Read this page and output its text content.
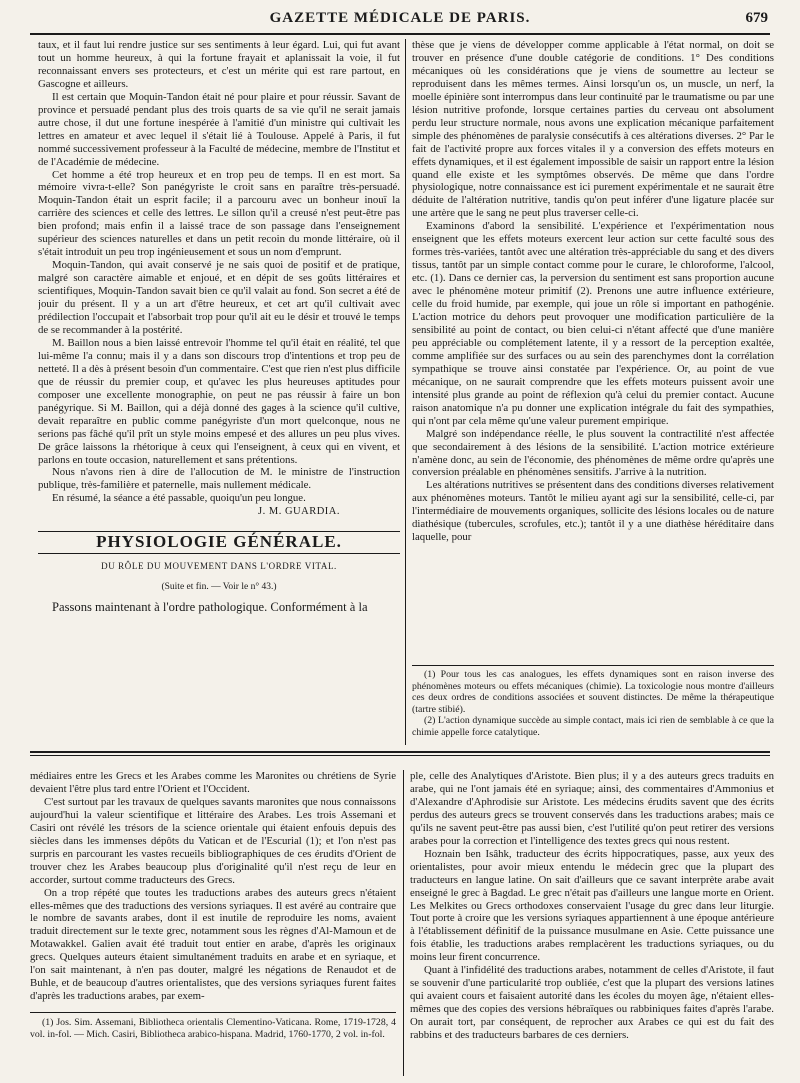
GAZETTE MÉDICALE DE PARIS.	679

taux, et il faut lui rendre justice sur ses sentiments à leur égard. Lui, qui fut avant tout un homme heureux, à qui la fortune frayait et aplanissait la voie, il fut reconnaissant envers ses protecteurs, et c'est un mérite qui est rare partout, en Gascogne et ailleurs.

Il est certain que Moquin-Tandon était né pour plaire et pour réussir. Savant de province et persuadé pendant plus des trois quarts de sa vie qu'il ne serait jamais autre chose, il dut une fortune inespérée à l'amitié d'un ministre qui cultivait les lettres en amateur et avec lequel il s'était lié à Toulouse. Appelé à Paris, il fut nommé successivement professeur à la Faculté de médecine, membre de l'Institut et de l'Académie de médecine.

Cet homme a été trop heureux et en trop peu de temps. Il en est mort. Sa mémoire vivra-t-elle? Son panégyriste le croit sans en paraître très-persuadé. Moquin-Tandon était un esprit facile; il a parcouru avec un bonheur inouï la carrière des sciences et celle des lettres. Le sillon qu'il a creusé n'est peut-être pas bien profond; mais enfin il a laissé trace de son passage dans l'enseignement supérieur des sciences naturelles et dans un petit recoin du monde littéraire, où il s'était introduit un peu trop ingénieusement et sous un nom d'emprunt.

Moquin-Tandon, qui avait conservé je ne sais quoi de positif et de pratique, malgré son caractère aimable et enjoué, et en dépit de ses goûts littéraires et scientifiques, Moquin-Tandon savait bien ce qu'il valait au fond. Son secret a été de jouir du présent. Il y a un art d'être heureux, et cet art qu'il cultivait avec prédilection l'occupait et l'absorbait trop pour qu'il ait eu le désir et trouvé le temps de se recommander à la postérité.

M. Baillon nous a bien laissé entrevoir l'homme tel qu'il était en réalité, tel que lui-même l'a connu; mais il y a dans son discours trop d'intentions et trop peu de netteté. Il a dès à présent besoin d'un commentaire. C'est que rien n'est plus difficile que de réussir du premier coup, et qu'avec les plus heureuses aptitudes pour composer une excellente monographie, on peut ne pas réussir à faire un bon panégyrique. Si M. Baillon, qui a déjà donné des gages à la science qu'il cultive, devait reparaître en public comme panégyriste d'un mort quelconque, nous ne serions pas fâché qu'il prît un style moins empesé et des allures un peu plus vives. De grâce laissons la rhétorique à ceux qui l'enseignent, à ceux qui en vivent, et parlons en toute occasion, naturellement et sans prétentions.

Nous n'avons rien à dire de l'allocution de M. le ministre de l'instruction publique, très-familière et paternelle, mais nullement médicale.

En résumé, la séance a été passable, quoiqu'un peu longue.

J. M. GUARDIA.
PHYSIOLOGIE GÉNÉRALE.
DU RÔLE DU MOUVEMENT DANS L'ORDRE VITAL.
(Suite et fin. — Voir le n° 43.)

Passons maintenant à l'ordre pathologique. Conformément à la

thèse que je viens de développer comme applicable à l'état normal, on doit se trouver en présence d'une double catégorie de conditions. 1° Des conditions mécaniques où les considérations que je viens de soumettre au lecteur se reproduisent dans les mêmes termes. Ainsi lorsqu'un os, un muscle, un nerf, la moelle épinière sont interrompus dans leur continuité par le traumatisme ou par une lésion nutritive profonde, lorsque certaines parties du cerveau ont absolument perdu leur structure normale, nous avons une explication mécanique parfaitement simple des phénomènes de paralysie consécutifs à ces altérations diverses. 2° Par le fait de l'activité propre aux forces vitales il y a conversion des effets moteurs en effets dynamiques, et il est également impossible de saisir un rapport entre la lésion quand elle existe et les symptômes observés. De même que dans l'ordre physiologique, notre connaissance est ici purement expérimentale et ne saurait être déduite de l'altération nutritive, tandis qu'on peut inférer d'une ligature placée sur une artère que le sang ne peut plus traverser celle-ci.

Examinons d'abord la sensibilité. L'expérience et l'expérimentation nous enseignent que les effets moteurs exercent leur action sur cette faculté sous des formes très-variées, tantôt avec une altération très-appréciable du sang et des divers tissus, tantôt par un simple contact comme pour le curare, le chloroforme, l'alcool, etc. (1). Dans ce dernier cas, la perversion du sentiment est sans proportion aucune avec le phénomène moteur primitif (2). Prenons une autre influence extérieure, celle du froid humide, par exemple, qui joue un rôle si important en pathogénie. L'action motrice du dehors peut provoquer une modification particulière de la sensibilité au point de contact, ou bien celui-ci n'étant affecté que d'une manière peu appréciable ou complétement latente, il y a ressort de la perception exaltée, comme amplifiée sur des surfaces ou au sein des parenchymes dont la corrélation sympathique se trouve ainsi constatée par l'expérience. Or, au point de vue mécanique, on ne saurait comprendre que les effets moteurs puissent avoir une intensité plus grande au point de réflexion qu'à celui du premier contact. Aucune raison anatomique n'a pu donner une explication intégrale du fait des sympathies, qui n'ont par cela même qu'une valeur purement empirique.

Malgré son indépendance réelle, le plus souvent la contractilité n'est affectée que secondairement à des lésions de la sensibilité. L'action motrice extérieure n'amène donc, au sein de l'économie, des phénomènes de même ordre qu'après une conversion préalable en phénomènes sensitifs. J'arrive à la nutrition.

Les altérations nutritives se présentent dans des conditions diverses relativement aux phénomènes moteurs. Tantôt le milieu ayant agi sur la sensibilité, celle-ci, par l'intermédiaire de mouvements organiques, sollicite des lésions locales ou de nature diathésique (tubercules, scrofules, etc.); tantôt il y a une diathèse héréditaire dans laquelle, pour

(1) Pour tous les cas analogues, les effets dynamiques sont en raison inverse des phénomènes moteurs ou effets mécaniques (chimie). La toxicologie nous montre d'ailleurs ces deux ordres de conditions associées et souvent distinctes. De même la thérapeutique (tartre stibié).

(2) L'action dynamique succède au simple contact, mais ici rien de semblable à ce que la chimie appelle force catalytique.

médiaires entre les Grecs et les Arabes comme les Maronites ou chrétiens de Syrie devaient l'être plus tard entre l'Orient et l'Occident.

C'est surtout par les travaux de quelques savants maronites que nous connaissons aujourd'hui la valeur scientifique et littéraire des Arabes. Les trois Assemani et Casiri ont révélé les trésors de la science orientale qui étaient enfouis depuis des siècles dans les immenses dépôts du Vatican et de l'Escurial (1); et l'on n'est pas surpris en parcourant les vastes recueils bibliographiques de ces érudits d'Orient de trouver chez les Arabes beaucoup plus d'originalité qu'il n'est reçu de leur en accorder, surtout comme traducteurs des Grecs.

On a trop répété que toutes les traductions arabes des auteurs grecs n'étaient elles-mêmes que des traductions des versions syriaques. Il est avéré au contraire que le nombre de savants arabes, dont il est inutile de reproduire les noms, avaient traduit directement sur le texte grec, notamment sous les règnes d'Al-Mamoun et de Motawakkel. Galien avait été traduit tout entier en arabe, d'après les originaux grecs. Quelques auteurs étaient simultanément traduits en arabe et en syriaque, et l'on sait maintenant, à n'en pas douter, malgré les négations de Renaudot et de Buhle, et de beaucoup d'autres orientalistes, que des versions syriaques furent faites d'après les traductions arabes, par exem-

(1) Jos. Sim. Assemani, Bibliotheca orientalis Clementino-Vaticana. Rome, 1719-1728, 4 vol. in-fol. — Mich. Casiri, Bibliotheca arabico-hispana. Madrid, 1760-1770, 2 vol. in-fol.

ple, celle des Analytiques d'Aristote. Bien plus; il y a des auteurs grecs traduits en arabe, qui ne l'ont jamais été en syriaque; ainsi, des commentaires d'Ammonius et d'Alexandre d'Aphrodisie sur Aristote. Les médecins érudits savent que des écrits perdus des auteurs grecs se trouvent conservés dans les traductions arabes; mais ce qu'ils ne savent peut-être pas aussi bien, c'est l'utilité qu'on peut retirer des versions arabes pour la correction et l'intelligence des textes grecs qui nous restent.

Hoznain ben Isâhk, traducteur des écrits hippocratiques, passe, aux yeux des orientalistes, pour avoir mieux entendu le médecin grec que la plupart des traducteurs en langue latine. On sait d'ailleurs que ce savant interprète arabe avait enseigné le grec à Bagdad. Le grec n'était pas d'ailleurs une langue morte en Orient. Les Melkites ou Grecs orthodoxes conservaient l'usage du grec dans leur liturgie. Tout porte à croire que les versions syriaques appartiennent à une époque antérieure à l'établissement définitif de la puissance musulmane en Asie. Cette puissance une fois établie, les traductions arabes remplacèrent les traductions syriaques, ou du moins leur firent concurrence.

Quant à l'infidélité des traductions arabes, notamment de celles d'Aristote, il faut se souvenir d'une particularité trop oubliée, c'est que la plupart des versions latines qui avaient cours et faisaient autorité dans les écoles du moyen âge, n'étaient elles-mêmes que des copies des versions hébraïques ou rabbiniques faites d'après l'arabe. On aurait tort, par conséquent, de reprocher aux Arabes ce qui est du fait des rabbins et des traducteurs barbares de ces derniers.
